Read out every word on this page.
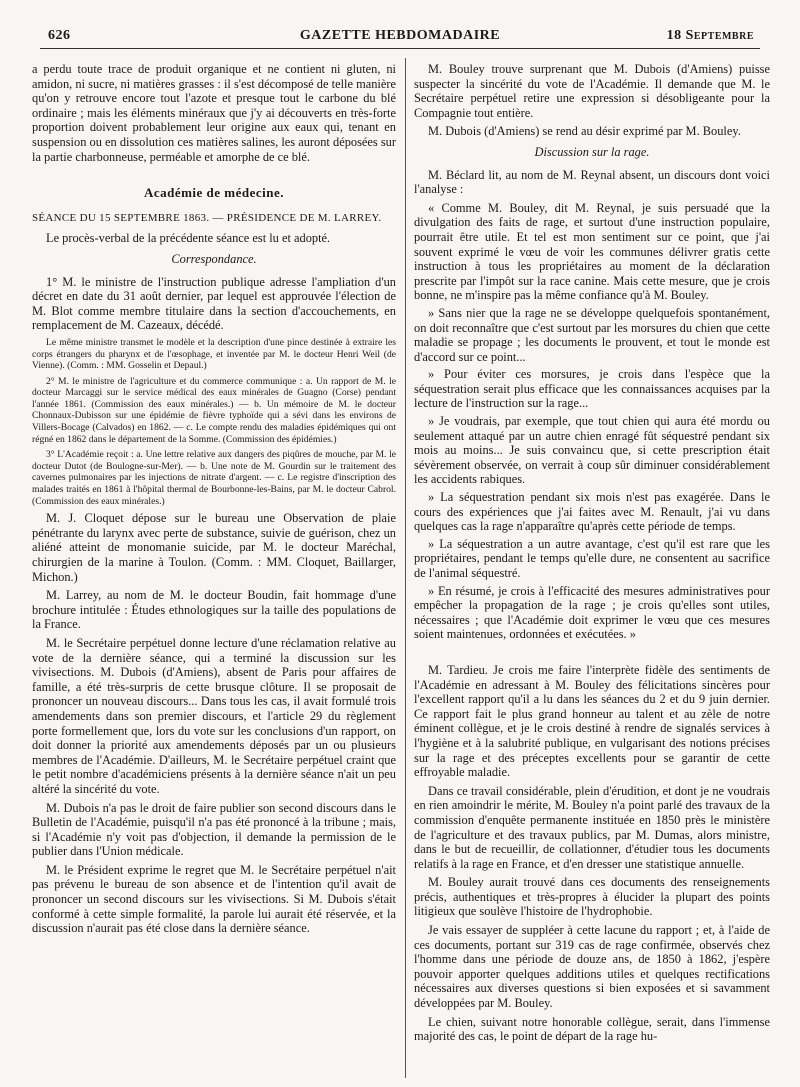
626	GAZETTE HEBDOMADAIRE	18 Septembre

a perdu toute trace de produit organique et ne contient ni gluten, ni amidon, ni sucre, ni matières grasses : il s'est décomposé de telle manière qu'on y retrouve encore tout l'azote et presque tout le carbone du blé ordinaire ; mais les éléments minéraux que j'y ai découverts en très-forte proportion doivent probablement leur origine aux eaux qui, tenant en suspension ou en dissolution ces matières salines, les auront déposées sur la partie charbonneuse, perméable et amorphe de ce blé.

Académie de médecine.

SÉANCE DU 15 SEPTEMBRE 1863. — PRÉSIDENCE DE M. LARREY.

Le procès-verbal de la précédente séance est lu et adopté.

Correspondance.

1° M. le ministre de l'instruction publique adresse l'ampliation d'un décret en date du 31 août dernier, par lequel est approuvée l'élection de M. Blot comme membre titulaire dans la section d'accouchements, en remplacement de M. Cazeaux, décédé.

Le même ministre transmet le modèle et la description d'une pince destinée à extraire les corps étrangers du pharynx et de l'œsophage, et inventée par M. le docteur Henri Weil (de Vienne). (Comm. : MM. Gosselin et Depaul.)

2° M. le ministre de l'agriculture et du commerce communique : a. Un rapport de M. le docteur Marcaggi sur le service médical des eaux minérales de Guagno (Corse) pendant l'année 1861. (Commission des eaux minérales.) — b. Un mémoire de M. le docteur Chonnaux-Dubisson sur une épidémie de fièvre typhoïde qui a sévi dans les environs de Villers-Bocage (Calvados) en 1862. — c. Le compte rendu des maladies épidémiques qui ont régné en 1862 dans le département de la Somme. (Commission des épidémies.)

3° L'Académie reçoit : a. Une lettre relative aux dangers des piqûres de mouche, par M. le docteur Dutot (de Boulogne-sur-Mer). — b. Une note de M. Gourdin sur le traitement des cavernes pulmonaires par les injections de nitrate d'argent. — c. Le registre d'inscription des malades traités en 1861 à l'hôpital thermal de Bourbonne-les-Bains, par M. le docteur Cabrol. (Commission des eaux minérales.)

M. J. Cloquet dépose sur le bureau une Observation de plaie pénétrante du larynx avec perte de substance, suivie de guérison, chez un aliéné atteint de monomanie suicide, par M. le docteur Maréchal, chirurgien de la marine à Toulon. (Comm. : MM. Cloquet, Baillarger, Michon.)

M. Larrey, au nom de M. le docteur Boudin, fait hommage d'une brochure intitulée : Études ethnologiques sur la taille des populations de la France.

M. le Secrétaire perpétuel donne lecture d'une réclamation relative au vote de la dernière séance, qui a terminé la discussion sur les vivisections. M. Dubois (d'Amiens), absent de Paris pour affaires de famille, a été très-surpris de cette brusque clôture. Il se proposait de prononcer un nouveau discours... Dans tous les cas, il avait formulé trois amendements dans son premier discours, et l'article 29 du règlement porte formellement que, lors du vote sur les conclusions d'un rapport, on doit donner la priorité aux amendements déposés par un ou plusieurs membres de l'Académie. D'ailleurs, M. le Secrétaire perpétuel craint que le petit nombre d'académiciens présents à la dernière séance n'ait un peu altéré la sincérité du vote.

M. Dubois n'a pas le droit de faire publier son second discours dans le Bulletin de l'Académie, puisqu'il n'a pas été prononcé à la tribune ; mais, si l'Académie n'y voit pas d'objection, il demande la permission de le publier dans l'Union médicale.

M. le Président exprime le regret que M. le Secrétaire perpétuel n'ait pas prévenu le bureau de son absence et de l'intention qu'il avait de prononcer un second discours sur les vivisections. Si M. Dubois s'était conformé à cette simple formalité, la parole lui aurait été réservée, et la discussion n'aurait pas été close dans la dernière séance.

M. Bouley trouve surprenant que M. Dubois (d'Amiens) puisse suspecter la sincérité du vote de l'Académie. Il demande que M. le Secrétaire perpétuel retire une expression si désobligeante pour la Compagnie tout entière.

M. Dubois (d'Amiens) se rend au désir exprimé par M. Bouley.

Discussion sur la rage.

M. Béclard lit, au nom de M. Reynal absent, un discours dont voici l'analyse :

« Comme M. Bouley, dit M. Reynal, je suis persuadé que la divulgation des faits de rage, et surtout d'une instruction populaire, pourrait être utile. Et tel est mon sentiment sur ce point, que j'ai souvent exprimé le vœu de voir les communes délivrer gratis cette instruction à tous les propriétaires au moment de la déclaration prescrite par l'impôt sur la race canine. Mais cette mesure, que je crois bonne, ne m'inspire pas la même confiance qu'à M. Bouley.

» Sans nier que la rage ne se développe quelquefois spontanément, on doit reconnaître que c'est surtout par les morsures du chien que cette maladie se propage ; les documents le prouvent, et tout le monde est d'accord sur ce point...

» Pour éviter ces morsures, je crois dans l'espèce que la séquestration serait plus efficace que les connaissances acquises par la lecture de l'instruction sur la rage...

» Je voudrais, par exemple, que tout chien qui aura été mordu ou seulement attaqué par un autre chien enragé fût séquestré pendant six mois au moins... Je suis convaincu que, si cette prescription était sévèrement observée, on verrait à coup sûr diminuer considérablement les accidents rabiques.

» La séquestration pendant six mois n'est pas exagérée. Dans le cours des expériences que j'ai faites avec M. Renault, j'ai vu dans quelques cas la rage n'apparaître qu'après cette période de temps.

» La séquestration a un autre avantage, c'est qu'il est rare que les propriétaires, pendant le temps qu'elle dure, ne consentent au sacrifice de l'animal séquestré.

» En résumé, je crois à l'efficacité des mesures administratives pour empêcher la propagation de la rage ; je crois qu'elles sont utiles, nécessaires ; que l'Académie doit exprimer le vœu que ces mesures soient maintenues, ordonnées et exécutées. »

M. Tardieu. Je crois me faire l'interprète fidèle des sentiments de l'Académie en adressant à M. Bouley des félicitations sincères pour l'excellent rapport qu'il a lu dans les séances du 2 et du 9 juin dernier. Ce rapport fait le plus grand honneur au talent et au zèle de notre éminent collègue, et je le crois destiné à rendre de signalés services à l'hygiène et à la salubrité publique, en vulgarisant des notions précises sur la rage et des préceptes excellents pour se garantir de cette effroyable maladie.

Dans ce travail considérable, plein d'érudition, et dont je ne voudrais en rien amoindrir le mérite, M. Bouley n'a point parlé des travaux de la commission d'enquête permanente instituée en 1850 près le ministère de l'agriculture et des travaux publics, par M. Dumas, alors ministre, dans le but de recueillir, de collationner, d'étudier tous les documents relatifs à la rage en France, et d'en dresser une statistique annuelle.

M. Bouley aurait trouvé dans ces documents des renseignements précis, authentiques et très-propres à élucider la plupart des points litigieux que soulève l'histoire de l'hydrophobie.

Je vais essayer de suppléer à cette lacune du rapport ; et, à l'aide de ces documents, portant sur 319 cas de rage confirmée, observés chez l'homme dans une période de douze ans, de 1850 à 1862, j'espère pouvoir apporter quelques additions utiles et quelques rectifications nécessaires aux diverses questions si bien exposées et si savamment développées par M. Bouley.

Le chien, suivant notre honorable collègue, serait, dans l'immense majorité des cas, le point de départ de la rage hu-
